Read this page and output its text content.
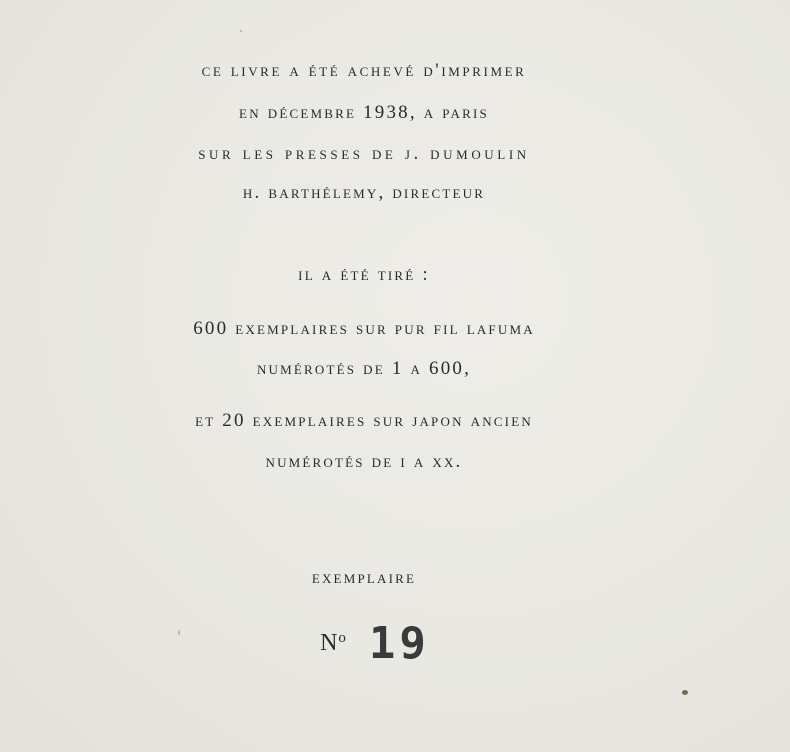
ce livre a été achevé d'imprimer
en décembre 1938, a paris
sur les presses de j. dumoulin
h. barthélemy, directeur
il a été tiré :
600 exemplaires sur pur fil lafuma
numérotés de 1 a 600,
et 20 exemplaires sur japon ancien
numérotés de i a xx.
exemplaire
$N^o$ 19
